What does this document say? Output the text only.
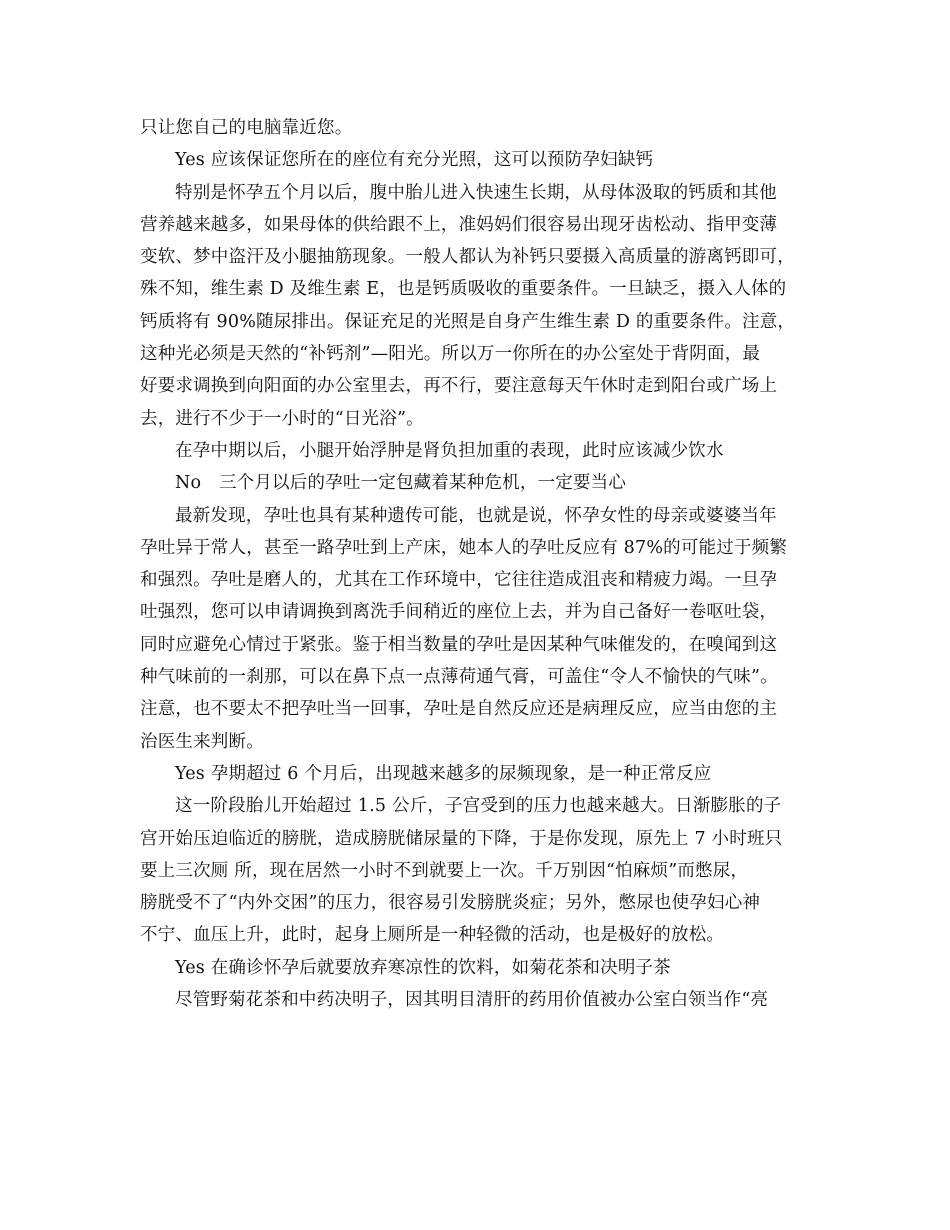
只让您自己的电脑靠近您。
Yes 应该保证您所在的座位有充分光照，这可以预防孕妇缺钙
特别是怀孕五个月以后，腹中胎儿进入快速生长期，从母体汲取的钙质和其他
营养越来越多，如果母体的供给跟不上，准妈妈们很容易出现牙齿松动、指甲变薄
变软、梦中盗汗及小腿抽筋现象。一般人都认为补钙只要摄入高质量的游离钙即可，
殊不知，维生素 D 及维生素 E，也是钙质吸收的重要条件。一旦缺乏，摄入人体的
钙质将有 90%随尿排出。保证充足的光照是自身产生维生素 D 的重要条件。注意，
这种光必须是天然的“补钙剂”—阳光。所以万一你所在的办公室处于背阴面，最
好要求调换到向阳面的办公室里去，再不行，要注意每天午休时走到阳台或广场上
去，进行不少于一小时的“日光浴”。
在孕中期以后，小腿开始浮肿是肾负担加重的表现，此时应该减少饮水
No　三个月以后的孕吐一定包藏着某种危机，一定要当心
最新发现，孕吐也具有某种遗传可能，也就是说，怀孕女性的母亲或婆婆当年
孕吐异于常人，甚至一路孕吐到上产床，她本人的孕吐反应有 87%的可能过于频繁
和强烈。孕吐是磨人的，尤其在工作环境中，它往往造成沮丧和精疲力竭。一旦孕
吐强烈，您可以申请调换到离洗手间稍近的座位上去，并为自己备好一卷呕吐袋，
同时应避免心情过于紧张。鉴于相当数量的孕吐是因某种气味催发的，在嗅闻到这
种气味前的一刹那，可以在鼻下点一点薄荷通气膏，可盖住“令人不愉快的气味”。
注意，也不要太不把孕吐当一回事，孕吐是自然反应还是病理反应，应当由您的主
治医生来判断。
Yes 孕期超过 6 个月后，出现越来越多的尿频现象，是一种正常反应
这一阶段胎儿开始超过 1.5 公斤，子宫受到的压力也越来越大。日渐膨胀的子
宫开始压迫临近的膀胱，造成膀胱储尿量的下降，于是你发现，原先上 7 小时班只
要上三次厕 所，现在居然一小时不到就要上一次。千万别因“怕麻烦”而憋尿，
膀胱受不了“内外交困”的压力，很容易引发膀胱炎症；另外，憋尿也使孕妇心神
不宁、血压上升，此时，起身上厕所是一种轻微的活动，也是极好的放松。
Yes 在确诊怀孕后就要放弃寒凉性的饮料，如菊花茶和决明子茶
尽管野菊花茶和中药决明子，因其明目清肝的药用价值被办公室白领当作“亮
